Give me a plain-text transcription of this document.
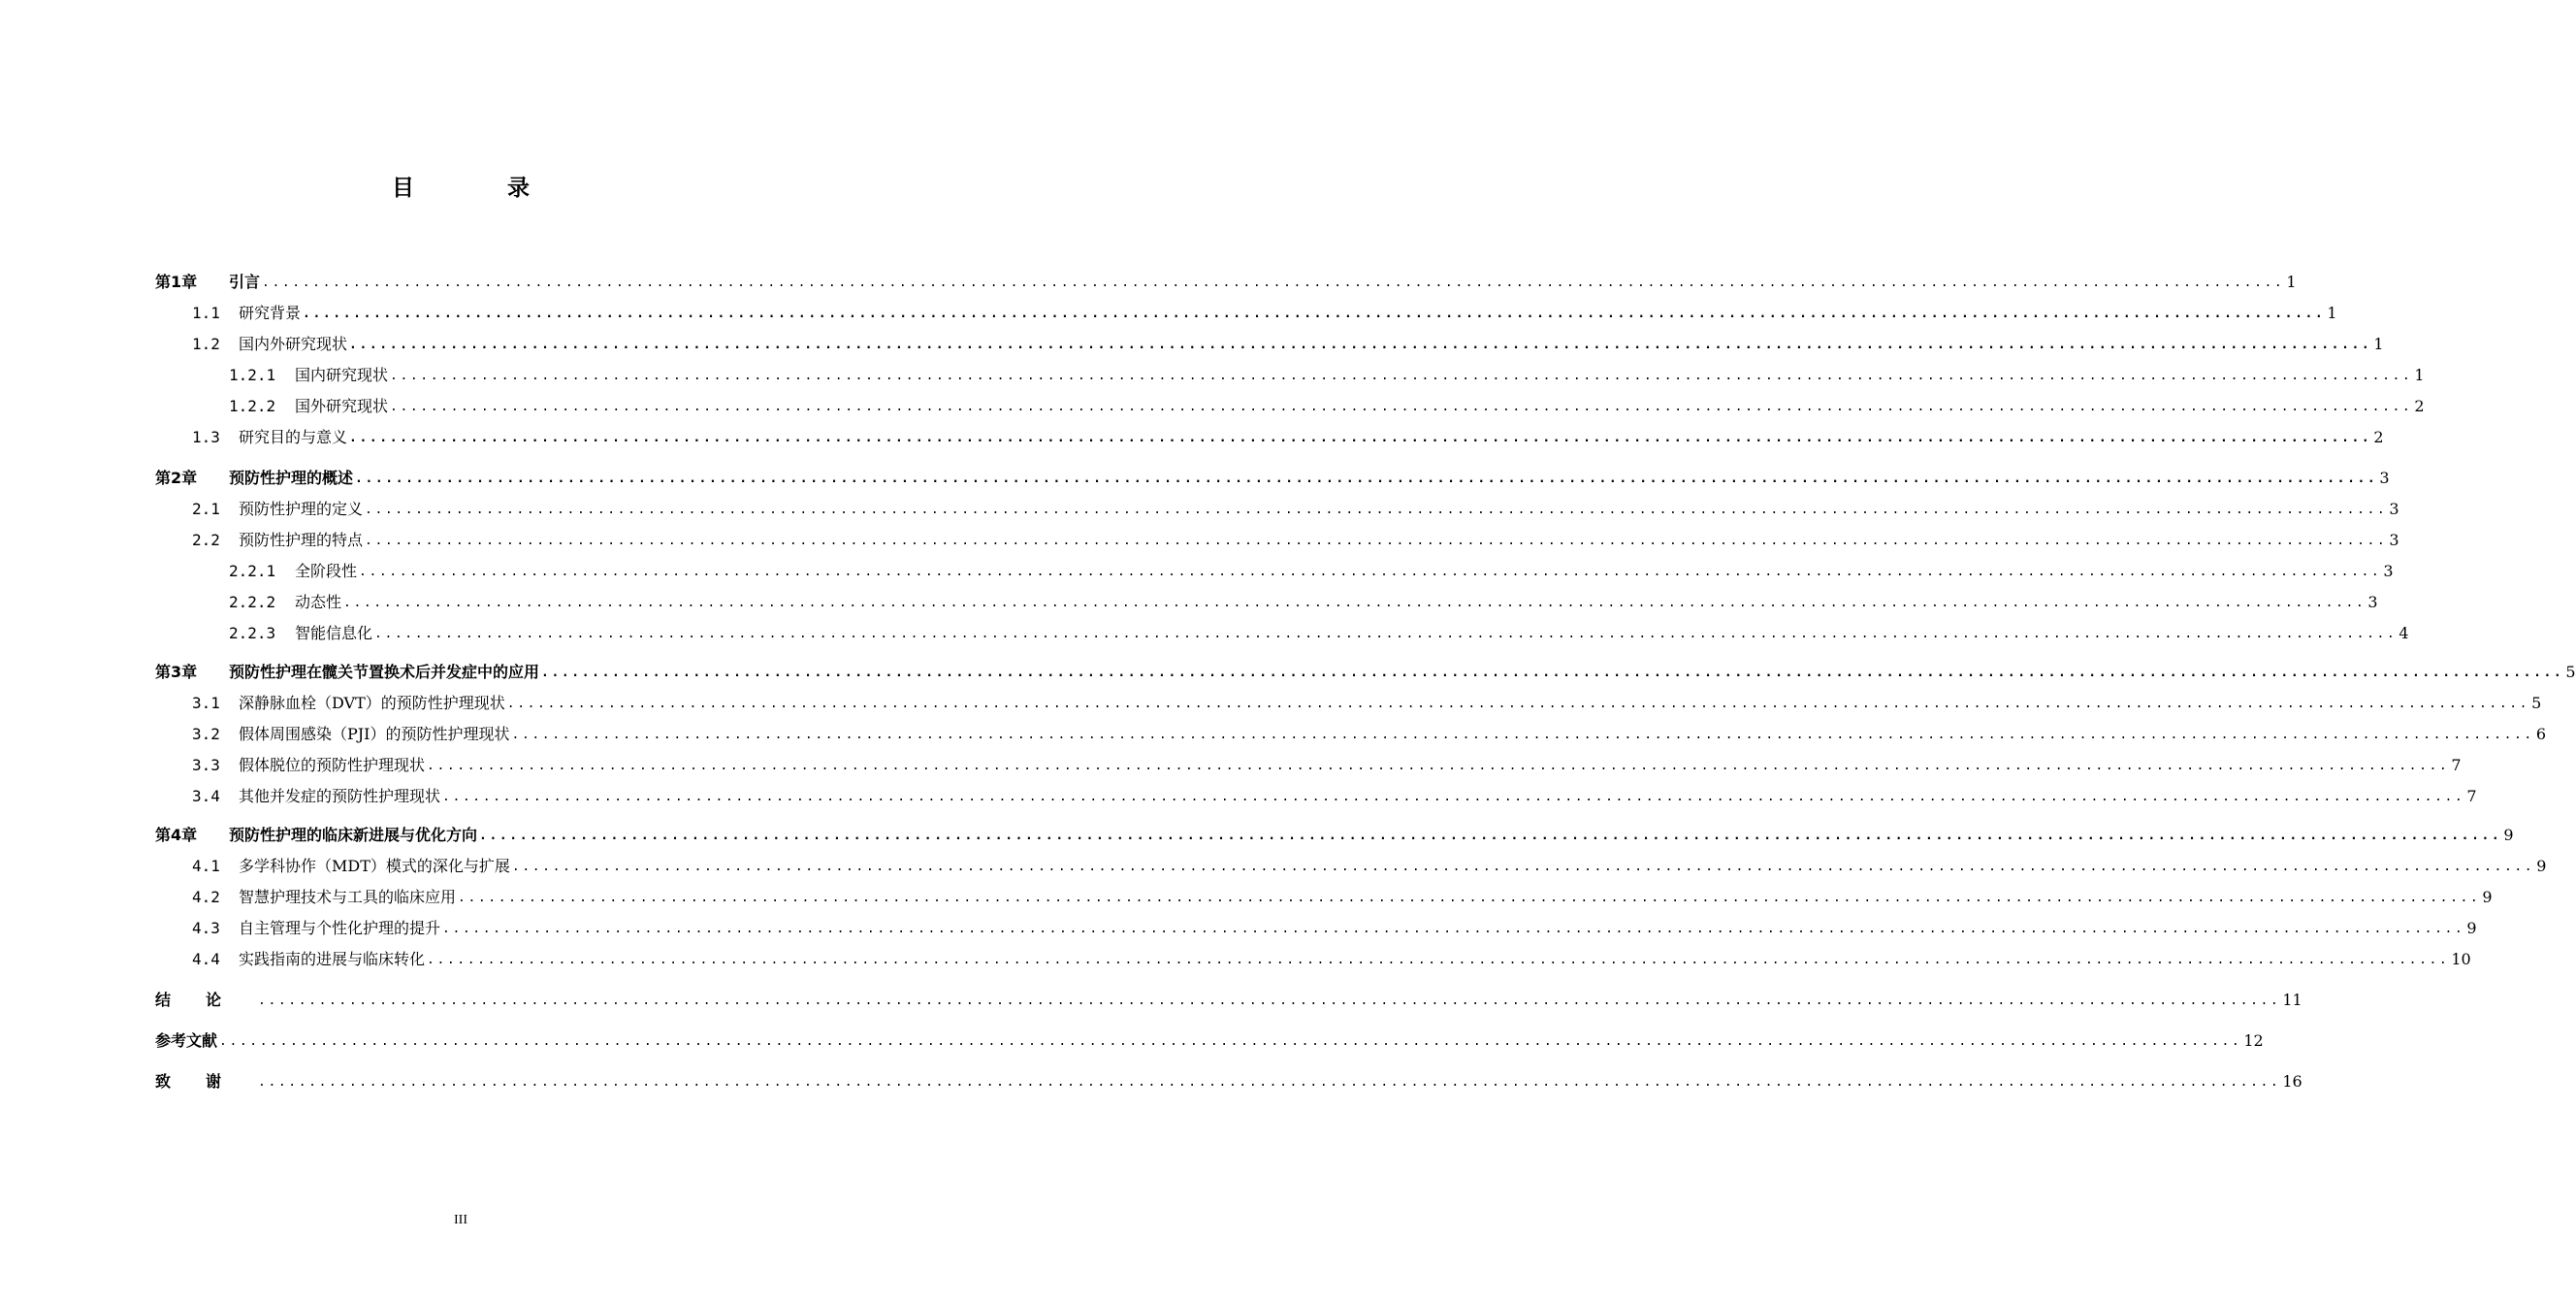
目 录
第1章	引言 ........................................................................................................................................................................................................ 1
1.1	研究背景 ........................................................................................................................................................................................................ 1
1.2	国内外研究现状 ........................................................................................................................................................................................................ 1
1.2.1	国内研究现状 ........................................................................................................................................................................................................ 1
1.2.2	国外研究现状 ........................................................................................................................................................................................................ 2
1.3	研究目的与意义 ........................................................................................................................................................................................................ 2
第2章	预防性护理的概述 ........................................................................................................................................................................................................ 3
2.1	预防性护理的定义 ........................................................................................................................................................................................................ 3
2.2	预防性护理的特点 ........................................................................................................................................................................................................ 3
2.2.1	全阶段性 ........................................................................................................................................................................................................ 3
2.2.2	动态性 ........................................................................................................................................................................................................ 3
2.2.3	智能信息化 ........................................................................................................................................................................................................ 4
第3章	预防性护理在髋关节置换术后并发症中的应用 ........................................................................................................................................................................................................ 5
3.1	深静脉血栓（DVT）的预防性护理现状 ........................................................................................................................................................................................................ 5
3.2	假体周围感染（PJI）的预防性护理现状 ........................................................................................................................................................................................................ 6
3.3	假体脱位的预防性护理现状 ........................................................................................................................................................................................................ 7
3.4	其他并发症的预防性护理现状 ........................................................................................................................................................................................................ 7
第4章	预防性护理的临床新进展与优化方向 ........................................................................................................................................................................................................ 9
4.1	多学科协作（MDT）模式的深化与扩展 ........................................................................................................................................................................................................ 9
4.2	智慧护理技术与工具的临床应用 ........................................................................................................................................................................................................ 9
4.3	自主管理与个性化护理的提升 ........................................................................................................................................................................................................ 9
4.4	实践指南的进展与临床转化 ........................................................................................................................................................................................................ 10
结论 ........................................................................................................................................................................................................ 11
参考文献 ........................................................................................................................................................................................................ 12
致谢 ........................................................................................................................................................................................................ 16
III
